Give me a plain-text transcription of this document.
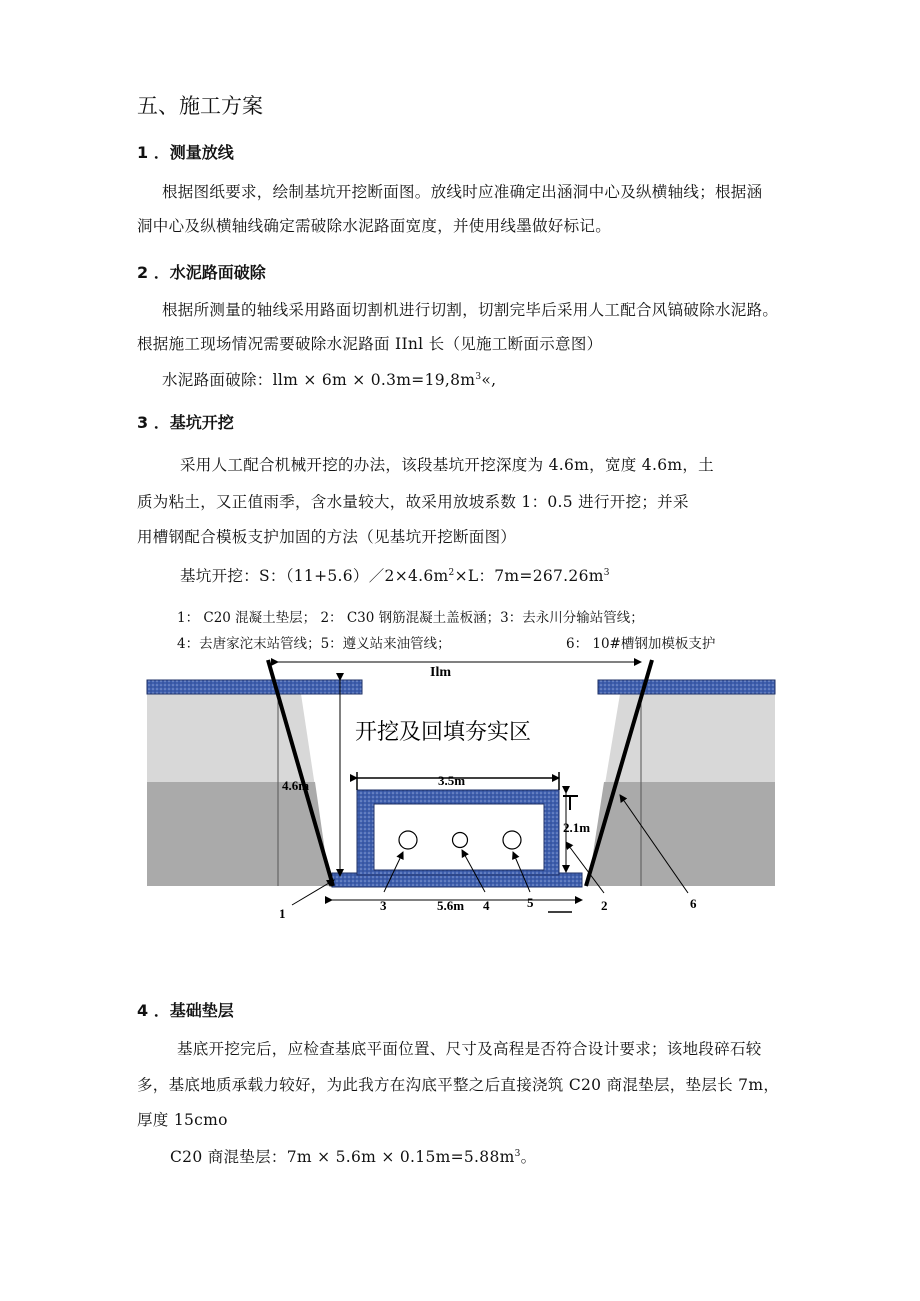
五、施工方案
1 ．测量放线
根据图纸要求，绘制基坑开挖断面图。放线时应准确定出涵洞中心及纵横轴线；根据涵
洞中心及纵横轴线确定需破除水泥路面宽度，并使用线墨做好标记。
2 ．水泥路面破除
根据所测量的轴线采用路面切割机进行切割，切割完毕后采用人工配合风镐破除水泥路。
根据施工现场情况需要破除水泥路面 IInl 长（见施工断面示意图）
水泥路面破除：llm × $6m \times 0.3m=19,8m^3«$,
3 ．基坑开挖
采用人工配合机械开挖的办法，该段基坑开挖深度为 4.6m，宽度 4.6m，土
质为粘土，又正值雨季，含水量较大，故采用放坡系数 1：0.5 进行开挖；并采
用槽钢配合模板支护加固的方法（见基坑开挖断面图）
基坑开挖：S：$(11+5.6)/2\times 4.6m^2\times L$：$7m=267.26m^3$
1： C20 混凝土垫层； 2： C30 钢筋混凝土盖板涵；3：去永川分输站管线；
4：去唐家沱末站管线；5：遵义站来油管线；	6： 10#槽钢加模板支护
Ilm
开挖及回填夯实区
4.6m	3.5m
2.1m
5.6m
1
2
3	4	5	6
4 ．基础垫层
基底开挖完后，应检查基底平面位置、尺寸及高程是否符合设计要求；该地段碎石较
多，基底地质承载力较好，为此我方在沟底平整之后直接浇筑 C20 商混垫层，垫层长 7m，
厚度 15cmo
C20 商混垫层：$7m \times 5.6m \times 0.15m=5.88m^3$。
